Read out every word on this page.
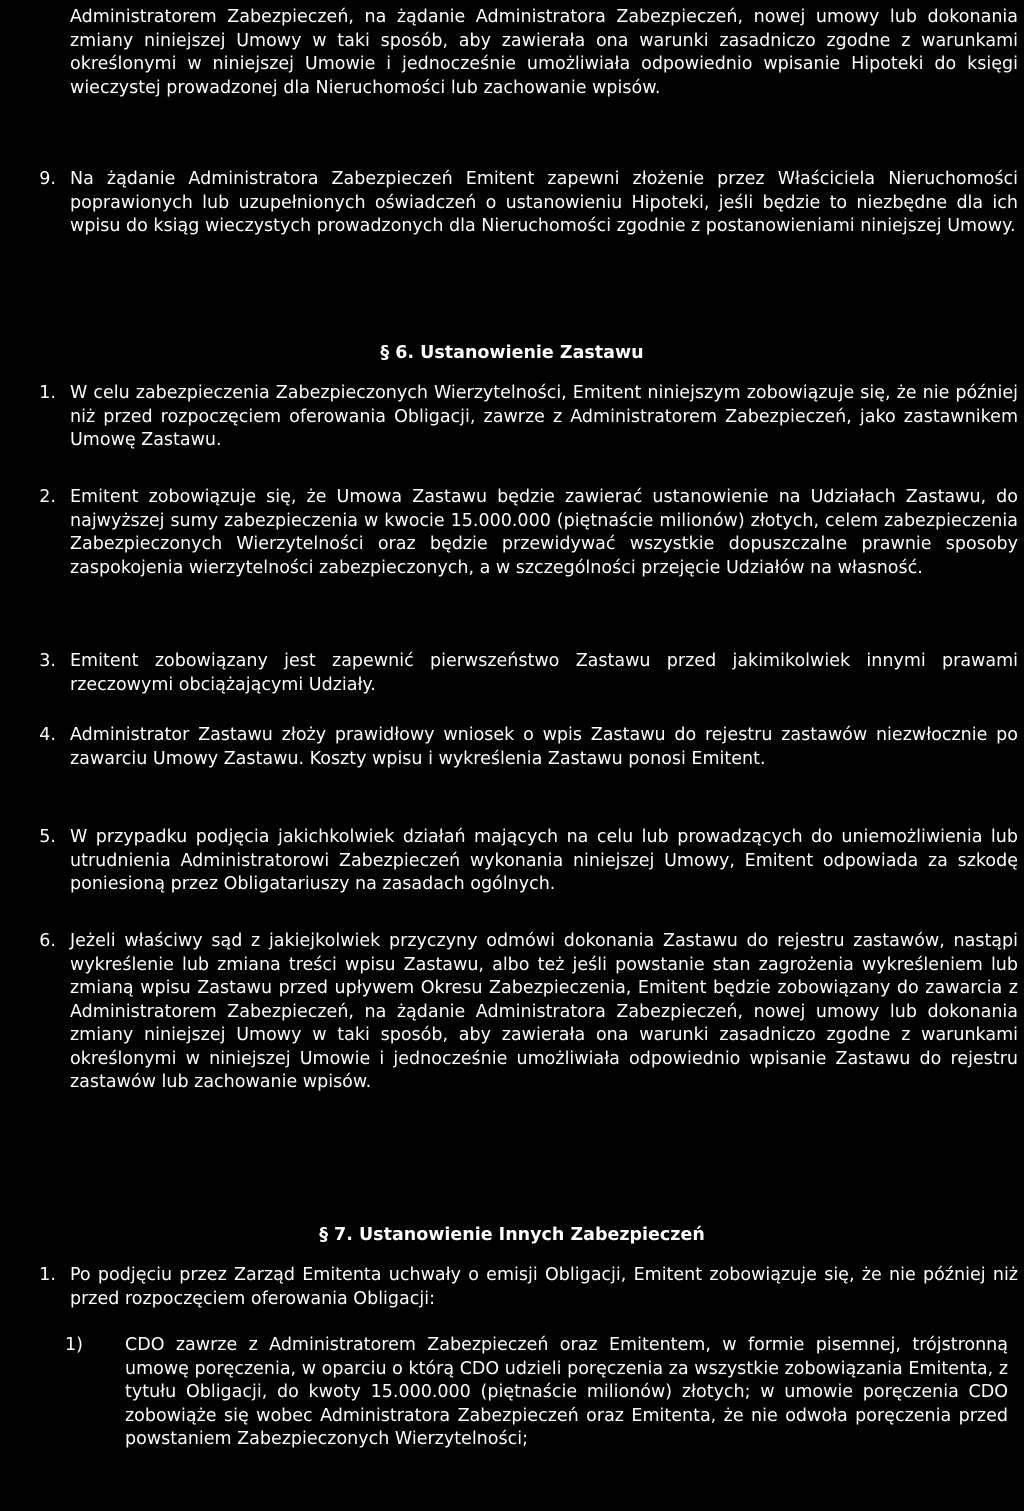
Administratorem Zabezpieczeń, na żądanie Administratora Zabezpieczeń, nowej umowy lub dokonania zmiany niniejszej Umowy w taki sposób, aby zawierała ona warunki zasadniczo zgodne z warunkami określonymi w niniejszej Umowie i jednocześnie umożliwiała odpowiednio wpisanie Hipoteki do księgi wieczystej prowadzonej dla Nieruchomości lub zachowanie wpisów.

9. Na żądanie Administratora Zabezpieczeń Emitent zapewni złożenie przez Właściciela Nieruchomości poprawionych lub uzupełnionych oświadczeń o ustanowieniu Hipoteki, jeśli będzie to niezbędne dla ich wpisu do ksiąg wieczystych prowadzonych dla Nieruchomości zgodnie z postanowieniami niniejszej Umowy.
§ 6. Ustanowienie Zastawu
1. W celu zabezpieczenia Zabezpieczonych Wierzytelności, Emitent niniejszym zobowiązuje się, że nie później niż przed rozpoczęciem oferowania Obligacji, zawrze z Administratorem Zabezpieczeń, jako zastawnikem Umowę Zastawu.
2. Emitent zobowiązuje się, że Umowa Zastawu będzie zawierać ustanowienie na Udziałach Zastawu, do najwyższej sumy zabezpieczenia w kwocie 15.000.000 (piętnaście milionów) złotych, celem zabezpieczenia Zabezpieczonych Wierzytelności oraz będzie przewidywać wszystkie dopuszczalne prawnie sposoby zaspokojenia wierzytelności zabezpieczonych, a w szczególności przejęcie Udziałów na własność.
3. Emitent zobowiązany jest zapewnić pierwszeństwo Zastawu przed jakimikolwiek innymi prawami rzeczowymi obciążającymi Udziały.
4. Administrator Zastawu złoży prawidłowy wniosek o wpis Zastawu do rejestru zastawów niezwłocznie po zawarciu Umowy Zastawu. Koszty wpisu i wykreślenia Zastawu ponosi Emitent.
5. W przypadku podjęcia jakichkolwiek działań mających na celu lub prowadzących do uniemożliwienia lub utrudnienia Administratorowi Zabezpieczeń wykonania niniejszej Umowy, Emitent odpowiada za szkodę poniesioną przez Obligatariuszy na zasadach ogólnych.
6. Jeżeli właściwy sąd z jakiejkolwiek przyczyny odmówi dokonania Zastawu do rejestru zastawów, nastąpi wykreślenie lub zmiana treści wpisu Zastawu, albo też jeśli powstanie stan zagrożenia wykreśleniem lub zmianą wpisu Zastawu przed upływem Okresu Zabezpieczenia, Emitent będzie zobowiązany do zawarcia z Administratorem Zabezpieczeń, na żądanie Administratora Zabezpieczeń, nowej umowy lub dokonania zmiany niniejszej Umowy w taki sposób, aby zawierała ona warunki zasadniczo zgodne z warunkami określonymi w niniejszej Umowie i jednocześnie umożliwiała odpowiednio wpisanie Zastawu do rejestru zastawów lub zachowanie wpisów.
§ 7. Ustanowienie Innych Zabezpieczeń
1. Po podjęciu przez Zarząd Emitenta uchwały o emisji Obligacji, Emitent zobowiązuje się, że nie później niż przed rozpoczęciem oferowania Obligacji:
1) CDO zawrze z Administratorem Zabezpieczeń oraz Emitentem, w formie pisemnej, trójstronną umowę poręczenia, w oparciu o którą CDO udzieli poręczenia za wszystkie zobowiązania Emitenta, z tytułu Obligacji, do kwoty 15.000.000 (piętnaście milionów) złotych; w umowie poręczenia CDO zobowiąże się wobec Administratora Zabezpieczeń oraz Emitenta, że nie odwoła poręczenia przed powstaniem Zabezpieczonych Wierzytelności;
